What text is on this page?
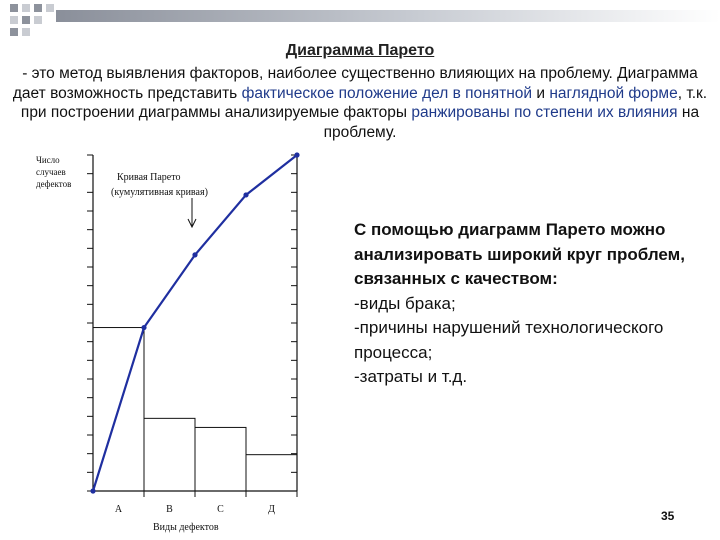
Диаграмма Парето
- это метод выявления факторов, наиболее существенно влияющих на проблему. Диаграмма дает возможность представить фактическое положение дел в понятной и наглядной форме, т.к. при построении диаграммы анализируемые факторы ранжированы по степени их влияния на проблему.
Число случаев дефектов
Виды дефектов
Кривая Парето (кумулятивная кривая)
А	В	С	Д
С помощью диаграмм Парето можно анализировать широкий круг проблем, связанных с качеством:
-виды брака;
-причины нарушений технологического процесса;
-затраты и т.д.
35
